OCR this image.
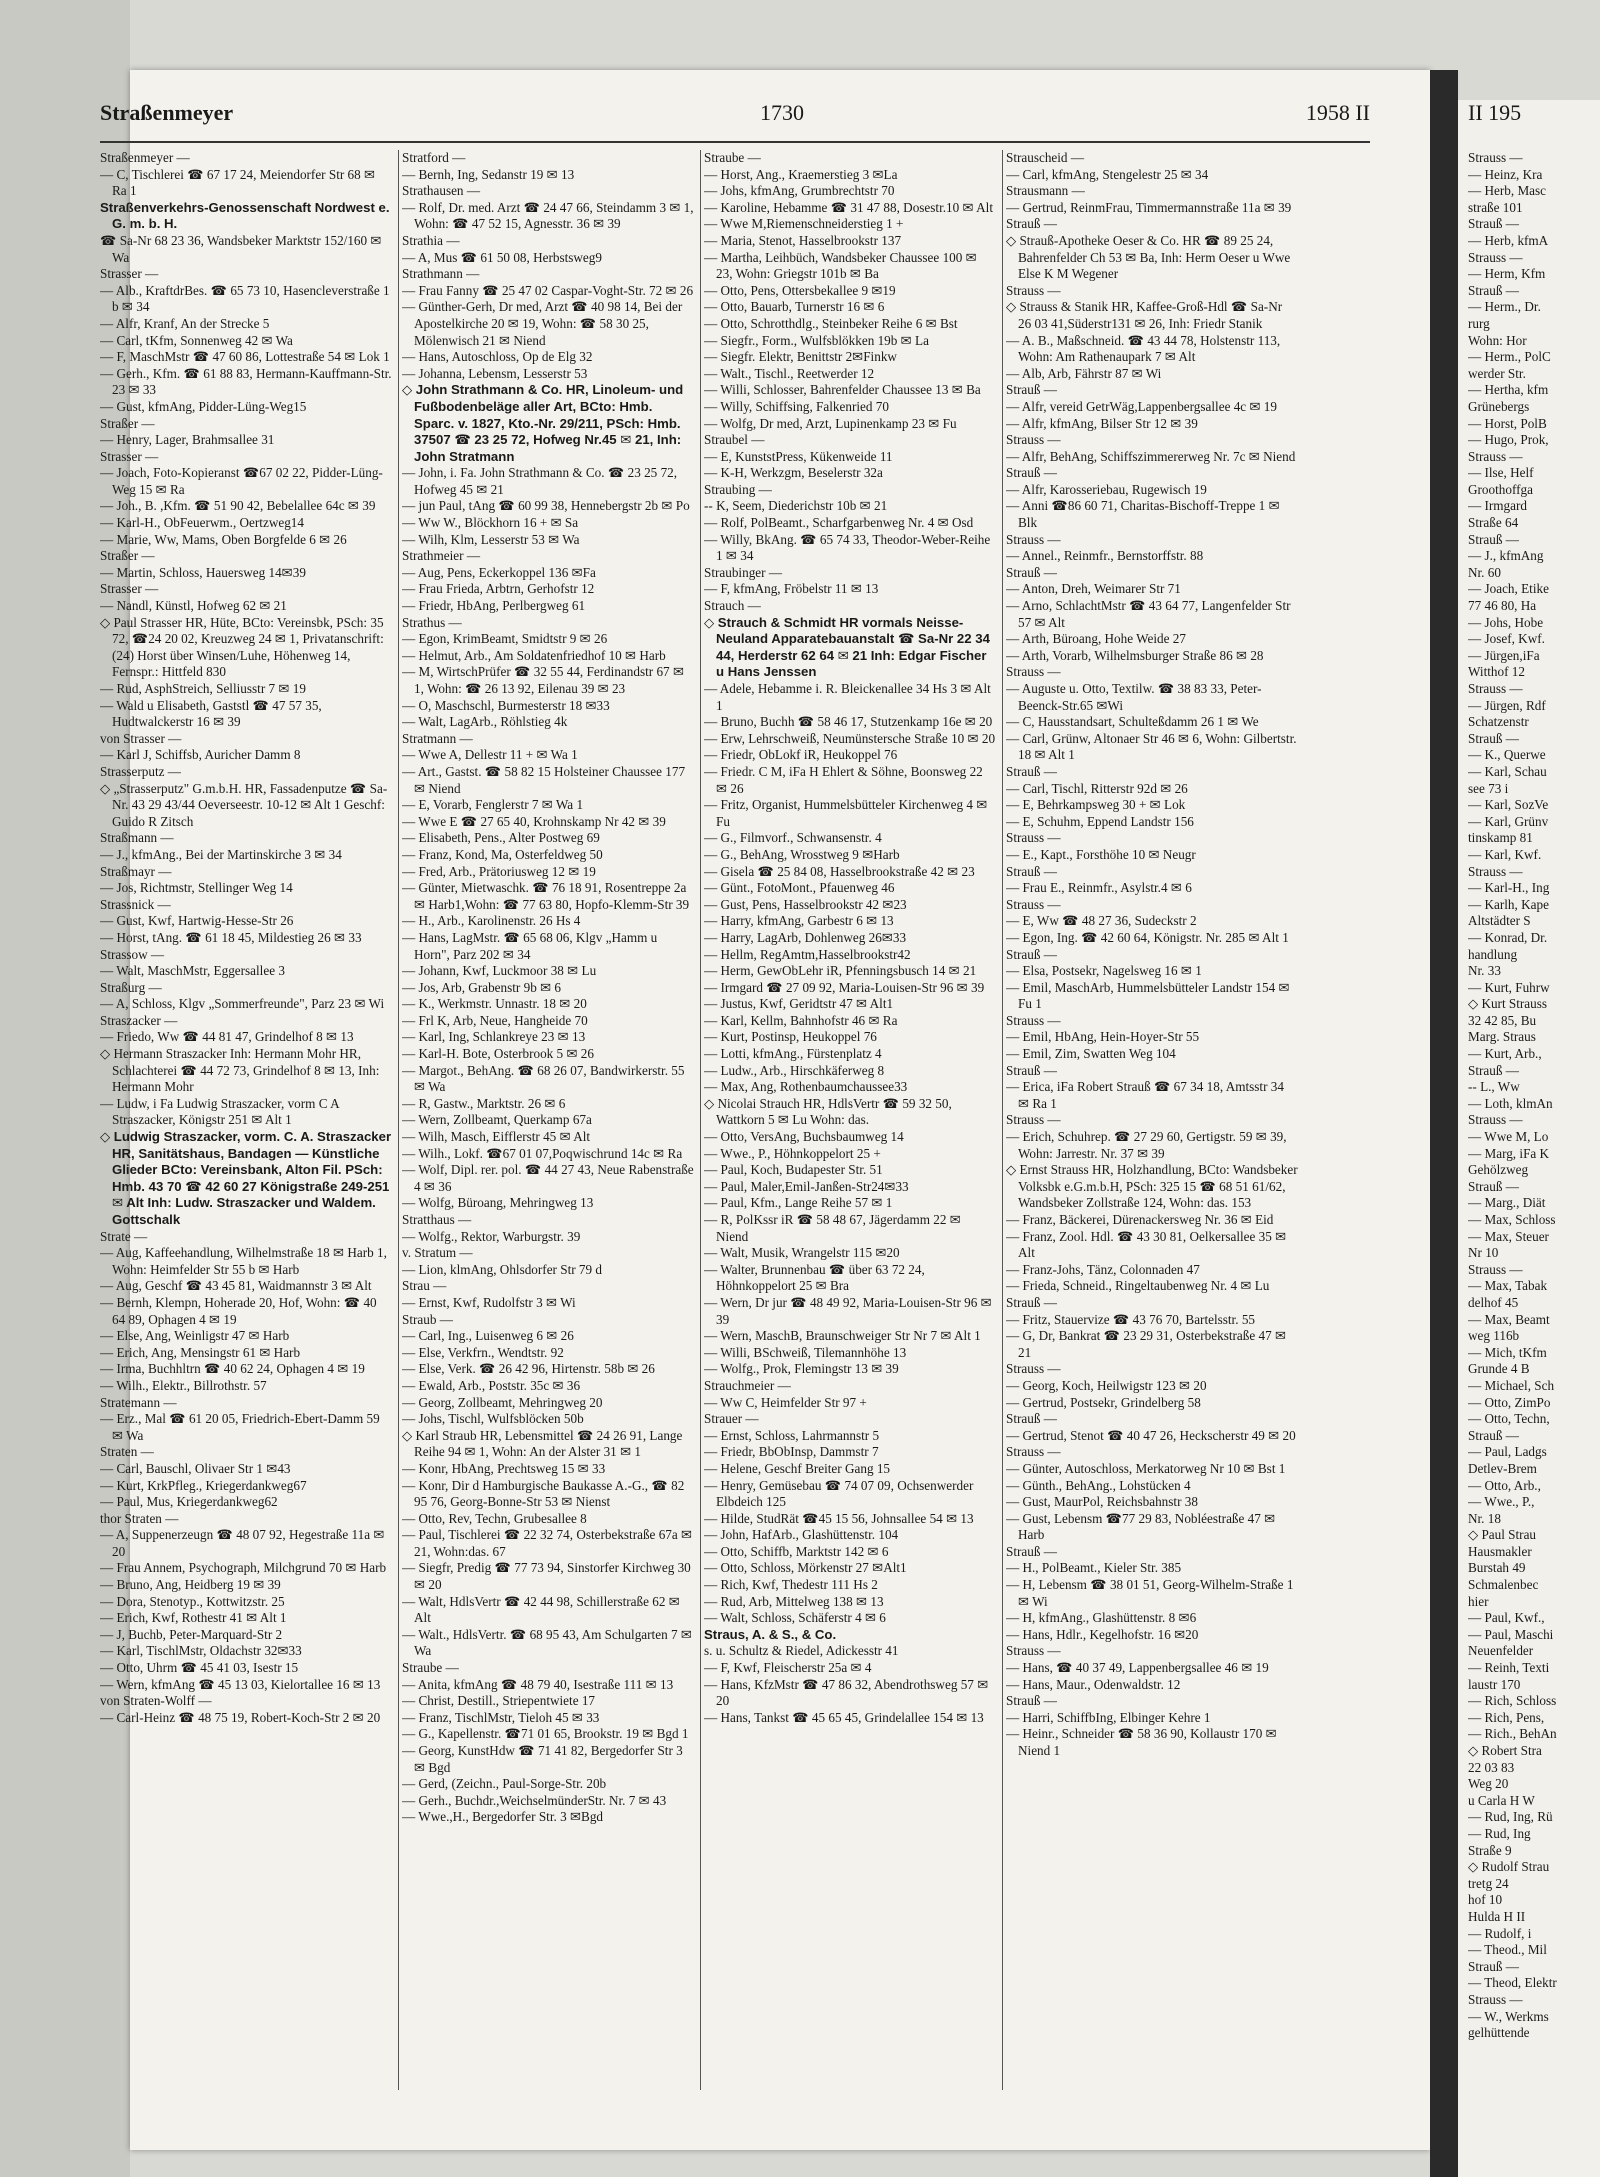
Straßenmeyer	1730	1958 II

Straßenmeyer —

— C, Tischlerei ☎ 67 17 24, Meiendorfer Str 68 ✉ Ra 1

Straßenverkehrs-Genossenschaft Nordwest e. G. m. b. H.

☎ Sa-Nr 68 23 36, Wandsbeker Marktstr 152/160 ✉ Wa

Strasser —

— Alb., KraftdrBes. ☎ 65 73 10, Hasencleverstraße 1 b ✉ 34

— Alfr, Kranf, An der Strecke 5

— Carl, tKfm, Sonnenweg 42 ✉ Wa

— F, MaschMstr ☎ 47 60 86, Lottestraße 54 ✉ Lok 1

— Gerh., Kfm. ☎ 61 88 83, Hermann-Kauffmann-Str. 23 ✉ 33

— Gust, kfmAng, Pidder-Lüng-Weg15

Straßer —

— Henry, Lager, Brahmsallee 31

Strasser —

— Joach, Foto-Kopieranst ☎67 02 22, Pidder-Lüng-Weg 15 ✉ Ra

— Joh., B. ,Kfm. ☎ 51 90 42, Bebelallee 64c ✉ 39

— Karl-H., ObFeuerwm., Oertzweg14

— Marie, Ww, Mams, Oben Borgfelde 6 ✉ 26

Straßer —

— Martin, Schloss, Hauersweg 14✉39

Strasser —

— Nandl, Künstl, Hofweg 62 ✉ 21

◇ Paul Strasser HR, Hüte, BCto: Vereinsbk, PSch: 35 72, ☎24 20 02, Kreuzweg 24 ✉ 1, Privatanschrift: (24) Horst über Winsen/Luhe, Höhenweg 14, Fernspr.: Hittfeld 830

— Rud, AsphStreich, Selliusstr 7 ✉ 19

— Wald u Elisabeth, Gaststl ☎ 47 57 35, Hudtwalckerstr 16 ✉ 39

von Strasser —

— Karl J, Schiffsb, Auricher Damm 8

Strasserputz —

◇ „Strasserputz" G.m.b.H. HR, Fassadenputze ☎ Sa-Nr. 43 29 43/44 Oeverseestr. 10-12 ✉ Alt 1 Geschf: Guido R Zitsch

Straßmann —

— J., kfmAng., Bei der Martinskirche 3 ✉ 34

Straßmayr —

— Jos, Richtmstr, Stellinger Weg 14

Strassnick —

— Gust, Kwf, Hartwig-Hesse-Str 26

— Horst, tAng. ☎ 61 18 45, Mildestieg 26 ✉ 33

Strassow —

— Walt, MaschMstr, Eggersallee 3

Straßurg —

— A, Schloss, Klgv „Sommerfreunde", Parz 23 ✉ Wi

Straszacker —

— Friedo, Ww ☎ 44 81 47, Grindelhof 8 ✉ 13

◇ Hermann Straszacker Inh: Hermann Mohr HR, Schlachterei ☎ 44 72 73, Grindelhof 8 ✉ 13, Inh: Hermann Mohr

— Ludw, i Fa Ludwig Straszacker, vorm C A Straszacker, Königstr 251 ✉ Alt 1

◇ Ludwig Straszacker, vorm. C. A. Straszacker HR, Sanitätshaus, Bandagen — Künstliche Glieder BCto: Vereinsbank, Alton Fil. PSch: Hmb. 43 70 ☎ 42 60 27 Königstraße 249-251 ✉ Alt Inh: Ludw. Straszacker und Waldem. Gottschalk

Strate —

— Aug, Kaffeehandlung, Wilhelmstraße 18 ✉ Harb 1, Wohn: Heimfelder Str 55 b ✉ Harb

— Aug, Geschf ☎ 43 45 81, Waidmannstr 3 ✉ Alt

— Bernh, Klempn, Hoherade 20, Hof, Wohn: ☎ 40 64 89, Ophagen 4 ✉ 19

— Else, Ang, Weinligstr 47 ✉ Harb

— Erich, Ang, Mensingstr 61 ✉ Harb

— Irma, Buchhltrn ☎ 40 62 24, Ophagen 4 ✉ 19

— Wilh., Elektr., Billrothstr. 57

Stratemann —

— Erz., Mal ☎ 61 20 05, Friedrich-Ebert-Damm 59 ✉ Wa

Straten —

— Carl, Bauschl, Olivaer Str 1 ✉43

— Kurt, KrkPfleg., Kriegerdankweg67

— Paul, Mus, Kriegerdankweg62

thor Straten —

— A, Suppenerzeugn ☎ 48 07 92, Hegestraße 11a ✉ 20

— Frau Annem, Psychograph, Milchgrund 70 ✉ Harb

— Bruno, Ang, Heidberg 19 ✉ 39

— Dora, Stenotyp., Kottwitzstr. 25

— Erich, Kwf, Rothestr 41 ✉ Alt 1

— J, Buchb, Peter-Marquard-Str 2

— Karl, TischlMstr, Oldachstr 32✉33

— Otto, Uhrm ☎ 45 41 03, Isestr 15

— Wern, kfmAng ☎ 45 13 03, Kielortallee 16 ✉ 13

von Straten-Wolff —

— Carl-Heinz ☎ 48 75 19, Robert-Koch-Str 2 ✉ 20

Stratford —

— Bernh, Ing, Sedanstr 19 ✉ 13

Strathausen —

— Rolf, Dr. med. Arzt ☎ 24 47 66, Steindamm 3 ✉ 1, Wohn: ☎ 47 52 15, Agnesstr. 36 ✉ 39

Strathia —

— A, Mus ☎ 61 50 08, Herbstsweg9

Strathmann —

— Frau Fanny ☎ 25 47 02 Caspar-Voght-Str. 72 ✉ 26

— Günther-Gerh, Dr med, Arzt ☎ 40 98 14, Bei der Apostelkirche 20 ✉ 19, Wohn: ☎ 58 30 25, Mölenwisch 21 ✉ Niend

— Hans, Autoschloss, Op de Elg 32

— Johanna, Lebensm, Lesserstr 53

◇ John Strathmann & Co. HR, Linoleum- und Fußbodenbeläge aller Art, BCto: Hmb. Sparc. v. 1827, Kto.-Nr. 29/211, PSch: Hmb. 37507 ☎ 23 25 72, Hofweg Nr.45 ✉ 21, Inh: John Stratmann

— John, i. Fa. John Strathmann & Co. ☎ 23 25 72, Hofweg 45 ✉ 21

— jun Paul, tAng ☎ 60 99 38, Hennebergstr 2b ✉ Po

— Ww W., Blöckhorn 16 + ✉ Sa

— Wilh, Klm, Lesserstr 53 ✉ Wa

Strathmeier —

— Aug, Pens, Eckerkoppel 136 ✉Fa

— Frau Frieda, Arbtrn, Gerhofstr 12

— Friedr, HbAng, Perlbergweg 61

Strathus —

— Egon, KrimBeamt, Smidtstr 9 ✉ 26

— Helmut, Arb., Am Soldatenfriedhof 10 ✉ Harb

— M, WirtschPrüfer ☎ 32 55 44, Ferdinandstr 67 ✉ 1, Wohn: ☎ 26 13 92, Eilenau 39 ✉ 23

— O, Maschschl, Burmesterstr 18 ✉33

— Walt, LagArb., Röhlstieg 4k

Stratmann —

— Wwe A, Dellestr 11 + ✉ Wa 1

— Art., Gastst. ☎ 58 82 15 Holsteiner Chaussee 177 ✉ Niend

— E, Vorarb, Fenglerstr 7 ✉ Wa 1

— Wwe E ☎ 27 65 40, Krohnskamp Nr 42 ✉ 39

— Elisabeth, Pens., Alter Postweg 69

— Franz, Kond, Ma, Osterfeldweg 50

— Fred, Arb., Prätoriusweg 12 ✉ 19

— Günter, Mietwaschk. ☎ 76 18 91, Rosentreppe 2a ✉ Harb1,Wohn: ☎ 77 63 80, Hopfo-Klemm-Str 39

— H., Arb., Karolinenstr. 26 Hs 4

— Hans, LagMstr. ☎ 65 68 06, Klgv „Hamm u Horn", Parz 202 ✉ 34

— Johann, Kwf, Luckmoor 38 ✉ Lu

— Jos, Arb, Grabenstr 9b ✉ 6

— K., Werkmstr. Unnastr. 18 ✉ 20

— Frl K, Arb, Neue, Hangheide 70

— Karl, Ing, Schlankreye 23 ✉ 13

— Karl-H. Bote, Osterbrook 5 ✉ 26

— Margot., BehAng. ☎ 68 26 07, Bandwirkerstr. 55 ✉ Wa

— R, Gastw., Marktstr. 26 ✉ 6

— Wern, Zollbeamt, Querkamp 67a

— Wilh, Masch, Eifflerstr 45 ✉ Alt

— Wilh., Lokf. ☎67 01 07,Poqwischrund 14c ✉ Ra

— Wolf, Dipl. rer. pol. ☎ 44 27 43, Neue Rabenstraße 4 ✉ 36

— Wolfg, Büroang, Mehringweg 13

Stratthaus —

— Wolfg., Rektor, Warburgstr. 39

v. Stratum —

— Lion, klmAng, Ohlsdorfer Str 79 d

Strau —

— Ernst, Kwf, Rudolfstr 3 ✉ Wi

Straub —

— Carl, Ing., Luisenweg 6 ✉ 26

— Else, Verkfrn., Wendtstr. 92

— Else, Verk. ☎ 26 42 96, Hirtenstr. 58b ✉ 26

— Ewald, Arb., Poststr. 35c ✉ 36

— Georg, Zollbeamt, Mehringweg 20

— Johs, Tischl, Wulfsblöcken 50b

◇ Karl Straub HR, Lebensmittel ☎ 24 26 91, Lange Reihe 94 ✉ 1, Wohn: An der Alster 31 ✉ 1

— Konr, HbAng, Prechtsweg 15 ✉ 33

— Konr, Dir d Hamburgische Baukasse A.-G., ☎ 82 95 76, Georg-Bonne-Str 53 ✉ Nienst

— Otto, Rev, Techn, Grubesallee 8

— Paul, Tischlerei ☎ 22 32 74, Osterbekstraße 67a ✉21, Wohn:das. 67

— Siegfr, Predig ☎ 77 73 94, Sinstorfer Kirchweg 30 ✉ 20

— Walt, HdlsVertr ☎ 42 44 98, Schillerstraße 62 ✉ Alt

— Walt., HdlsVertr. ☎ 68 95 43, Am Schulgarten 7 ✉ Wa

Straube —

— Anita, kfmAng ☎ 48 79 40, Isestraße 111 ✉ 13

— Christ, Destill., Striepentwiete 17

— Franz, TischlMstr, Tieloh 45 ✉ 33

— G., Kapellenstr. ☎71 01 65, Brookstr. 19 ✉ Bgd 1

— Georg, KunstHdw ☎ 71 41 82, Bergedorfer Str 3 ✉ Bgd

— Gerd, (Zeichn., Paul-Sorge-Str. 20b

— Gerh., Buchdr.,WeichselmünderStr. Nr. 7 ✉ 43

— Wwe.,H., Bergedorfer Str. 3 ✉Bgd

Straube —

— Horst, Ang., Kraemerstieg 3 ✉La

— Johs, kfmAng, Grumbrechtstr 70

— Karoline, Hebamme ☎ 31 47 88, Dosestr.10 ✉ Alt

— Wwe M,Riemenschneiderstieg 1 +

— Maria, Stenot, Hasselbrookstr 137

— Martha, Leihbüch, Wandsbeker Chaussee 100 ✉ 23, Wohn: Griegstr 101b ✉ Ba

— Otto, Pens, Ottersbekallee 9 ✉19

— Otto, Bauarb, Turnerstr 16 ✉ 6

— Otto, Schrotthdlg., Steinbeker Reihe 6 ✉ Bst

— Siegfr., Form., Wulfsblökken 19b ✉ La

— Siegfr. Elektr, Benittstr 2✉Finkw

— Walt., Tischl., Reetwerder 12

— Willi, Schlosser, Bahrenfelder Chaussee 13 ✉ Ba

— Willy, Schiffsing, Falkenried 70

— Wolfg, Dr med, Arzt, Lupinenkamp 23 ✉ Fu

Straubel —

— E, KunststPress, Kükenweide 11

— K-H, Werkzgm, Beselerstr 32a

Straubing —

-- K, Seem, Diederichstr 10b ✉ 21

— Rolf, PolBeamt., Scharfgarbenweg Nr. 4 ✉ Osd

— Willy, BkAng. ☎ 65 74 33, Theodor-Weber-Reihe 1 ✉ 34

Straubinger —

— F, kfmAng, Fröbelstr 11 ✉ 13

Strauch —

◇ Strauch & Schmidt HR vormals Neisse-Neuland Apparatebauanstalt ☎ Sa-Nr 22 34 44, Herderstr 62 64 ✉ 21 Inh: Edgar Fischer u Hans Jenssen

— Adele, Hebamme i. R. Bleickenallee 34 Hs 3 ✉ Alt 1

— Bruno, Buchh ☎ 58 46 17, Stutzenkamp 16e ✉ 20

— Erw, Lehrschweiß, Neumünstersche Straße 10 ✉ 20

— Friedr, ObLokf iR, Heukoppel 76

— Friedr. C M, iFa H Ehlert & Söhne, Boonsweg 22 ✉ 26

— Fritz, Organist, Hummelsbütteler Kirchenweg 4 ✉ Fu

— G., Filmvorf., Schwansenstr. 4

— G., BehAng, Wrosstweg 9 ✉Harb

— Gisela ☎ 25 84 08, Hasselbrookstraße 42 ✉ 23

— Günt., FotoMont., Pfauenweg 46

— Gust, Pens, Hasselbrookstr 42 ✉23

— Harry, kfmAng, Garbestr 6 ✉ 13

— Harry, LagArb, Dohlenweg 26✉33

— Hellm, RegAmtm,Hasselbrookstr42

— Herm, GewObLehr iR, Pfenningsbusch 14 ✉ 21

— Irmgard ☎ 27 09 92, Maria-Louisen-Str 96 ✉ 39

— Justus, Kwf, Geridtstr 47 ✉ Alt1

— Karl, Kellm, Bahnhofstr 46 ✉ Ra

— Kurt, Postinsp, Heukoppel 76

— Lotti, kfmAng., Fürstenplatz 4

— Ludw., Arb., Hirschkäferweg 8

— Max, Ang, Rothenbaumchaussee33

◇ Nicolai Strauch HR, HdlsVertr ☎ 59 32 50, Wattkorn 5 ✉ Lu Wohn: das.

— Otto, VersAng, Buchsbaumweg 14

— Wwe., P., Höhnkoppelort 25 +

— Paul, Koch, Budapester Str. 51

— Paul, Maler,Emil-Janßen-Str24✉33

— Paul, Kfm., Lange Reihe 57 ✉ 1

— R, PolKssr iR ☎ 58 48 67, Jägerdamm 22 ✉ Niend

— Walt, Musik, Wrangelstr 115 ✉20

— Walter, Brunnenbau ☎ über 63 72 24, Höhnkoppelort 25 ✉ Bra

— Wern, Dr jur ☎ 48 49 92, Maria-Louisen-Str 96 ✉ 39

— Wern, MaschB, Braunschweiger Str Nr 7 ✉ Alt 1

— Willi, BSchweiß, Tilemannhöhe 13

— Wolfg., Prok, Flemingstr 13 ✉ 39

Strauchmeier —

— Ww C, Heimfelder Str 97 +

Strauer —

— Ernst, Schloss, Lahrmannstr 5

— Friedr, BbObInsp, Dammstr 7

— Helene, Geschf Breiter Gang 15

— Henry, Gemüsebau ☎ 74 07 09, Ochsenwerder Elbdeich 125

— Hilde, StudRät ☎45 15 56, Johnsallee 54 ✉ 13

— John, HafArb., Glashüttenstr. 104

— Otto, Schiffb, Marktstr 142 ✉ 6

— Otto, Schloss, Mörkenstr 27 ✉Alt1

— Rich, Kwf, Thedestr 111 Hs 2

— Rud, Arb, Mittelweg 138 ✉ 13

— Walt, Schloss, Schäferstr 4 ✉ 6

Straus, A. & S., & Co.

s. u. Schultz & Riedel, Adickesstr 41

— F, Kwf, Fleischerstr 25a ✉ 4

— Hans, KfzMstr ☎ 47 86 32, Abendrothsweg 57 ✉ 20

— Hans, Tankst ☎ 45 65 45, Grindelallee 154 ✉ 13

Strauscheid —

— Carl, kfmAng, Stengelestr 25 ✉ 34

Strausmann —

— Gertrud, ReinmFrau, Timmermannstraße 11a ✉ 39

Strauß —

◇ Strauß-Apotheke Oeser & Co. HR ☎ 89 25 24, Bahrenfelder Ch 53 ✉ Ba, Inh: Herm Oeser u Wwe Else K M Wegener

Strauss —

◇ Strauss & Stanik HR, Kaffee-Groß-Hdl ☎ Sa-Nr 26 03 41,Süderstr131 ✉ 26, Inh: Friedr Stanik

— A. B., Maßschneid. ☎ 43 44 78, Holstenstr 113, Wohn: Am Rathenaupark 7 ✉ Alt

— Alb, Arb, Fährstr 87 ✉ Wi

Strauß —

— Alfr, vereid GetrWäg,Lappenbergsallee 4c ✉ 19

— Alfr, kfmAng, Bilser Str 12 ✉ 39

Strauss —

— Alfr, BehAng, Schiffszimmererweg Nr. 7c ✉ Niend

Strauß —

— Alfr, Karosseriebau, Rugewisch 19

— Anni ☎86 60 71, Charitas-Bischoff-Treppe 1 ✉ Blk

Strauss —

— Annel., Reinmfr., Bernstorffstr. 88

Strauß —

— Anton, Dreh, Weimarer Str 71

— Arno, SchlachtMstr ☎ 43 64 77, Langenfelder Str 57 ✉ Alt

— Arth, Büroang, Hohe Weide 27

— Arth, Vorarb, Wilhelmsburger Straße 86 ✉ 28

Strauss —

— Auguste u. Otto, Textilw. ☎ 38 83 33, Peter-Beenck-Str.65 ✉Wi

— C, Hausstandsart, Schulteßdamm 26 1 ✉ We

— Carl, Grünw, Altonaer Str 46 ✉ 6, Wohn: Gilbertstr. 18 ✉ Alt 1

Strauß —

— Carl, Tischl, Ritterstr 92d ✉ 26

— E, Behrkampsweg 30 + ✉ Lok

— E, Schuhm, Eppend Landstr 156

Strauss —

— E., Kapt., Forsthöhe 10 ✉ Neugr

Strauß —

— Frau E., Reinmfr., Asylstr.4 ✉ 6

Strauss —

— E, Ww ☎ 48 27 36, Sudeckstr 2

— Egon, Ing. ☎ 42 60 64, Königstr. Nr. 285 ✉ Alt 1

Strauß —

— Elsa, Postsekr, Nagelsweg 16 ✉ 1

— Emil, MaschArb, Hummelsbütteler Landstr 154 ✉ Fu 1

Strauss —

— Emil, HbAng, Hein-Hoyer-Str 55

— Emil, Zim, Swatten Weg 104

Strauß —

— Erica, iFa Robert Strauß ☎ 67 34 18, Amtsstr 34 ✉ Ra 1

Strauss —

— Erich, Schuhrep. ☎ 27 29 60, Gertigstr. 59 ✉ 39, Wohn: Jarrestr. Nr. 37 ✉ 39

◇ Ernst Strauss HR, Holzhandlung, BCto: Wandsbeker Volksbk e.G.m.b.H, PSch: 325 15 ☎ 68 51 61/62, Wandsbeker Zollstraße 124, Wohn: das. 153

— Franz, Bäckerei, Dürenackersweg Nr. 36 ✉ Eid

— Franz, Zool. Hdl. ☎ 43 30 81, Oelkersallee 35 ✉ Alt

— Franz-Johs, Tänz, Colonnaden 47

— Frieda, Schneid., Ringeltaubenweg Nr. 4 ✉ Lu

Strauß —

— Fritz, Stauervize ☎ 43 76 70, Bartelsstr. 55

— G, Dr, Bankrat ☎ 23 29 31, Osterbekstraße 47 ✉ 21

Strauss —

— Georg, Koch, Heilwigstr 123 ✉ 20

— Gertrud, Postsekr, Grindelberg 58

Strauß —

— Gertrud, Stenot ☎ 40 47 26, Heckscherstr 49 ✉ 20

Strauss —

— Günter, Autoschloss, Merkatorweg Nr 10 ✉ Bst 1

— Günth., BehAng., Lohstücken 4

— Gust, MaurPol, Reichsbahnstr 38

— Gust, Lebensm ☎77 29 83, Nobléestraße 47 ✉ Harb

Strauß —

— H., PolBeamt., Kieler Str. 385

— H, Lebensm ☎ 38 01 51, Georg-Wilhelm-Straße 1 ✉ Wi

— H, kfmAng., Glashüttenstr. 8 ✉6

— Hans, Hdlr., Kegelhofstr. 16 ✉20

Strauss —

— Hans, ☎ 40 37 49, Lappenbergsallee 46 ✉ 19

— Hans, Maur., Odenwaldstr. 12

Strauß —

— Harri, SchiffbIng, Elbinger Kehre 1

— Heinr., Schneider ☎ 58 36 90, Kollaustr 170 ✉ Niend 1

II 195

Strauss —

— Heinz, Kra

— Herb, Masc

straße 101

Strauß —

— Herb, kfmA

Strauss —

— Herm, Kfm

Strauß —

— Herm., Dr.

rurg

Wohn: Hor

— Herm., PolC

werder Str.

— Hertha, kfm

Grünebergs

— Horst, PolB

— Hugo, Prok,

Strauss —

— Ilse, Helf

Groothoffga

— Irmgard

Straße 64

Strauß —

— J., kfmAng

Nr. 60

— Joach, Etike

77 46 80, Ha

— Johs, Hobe

— Josef, Kwf.

— Jürgen,iFa

Witthof 12

Strauss —

— Jürgen, Rdf

Schatzenstr

Strauß —

— K., Querwe

— Karl, Schau

see 73 i

— Karl, SozVe

— Karl, Grünv

tinskamp 81

— Karl, Kwf.

Strauss —

— Karl-H., Ing

— Karlh, Kape

Altstädter S

— Konrad, Dr.

handlung

Nr. 33

— Kurt, Fuhrw

◇ Kurt Strauss

32 42 85, Bu

Marg. Straus

— Kurt, Arb.,

Strauß —

-- L., Ww

— Loth, klmAn

Strauss —

— Wwe M, Lo

— Marg, iFa K

Gehölzweg

Strauß —

— Marg., Diät

— Max, Schloss

— Max, Steuer

Nr 10

Strauss —

— Max, Tabak

delhof 45

— Max, Beamt

weg 116b

— Mich, tKfm

Grunde 4 B

— Michael, Sch

— Otto, ZimPo

— Otto, Techn,

Strauß —

— Paul, Ladgs

Detlev-Brem

— Otto, Arb.,

— Wwe., P.,

Nr. 18

◇ Paul Strau

Hausmakler

Burstah 49

Schmalenbec

hier

— Paul, Kwf.,

— Paul, Maschi

Neuenfelder

— Reinh, Texti

laustr 170

— Rich, Schloss

— Rich, Pens,

— Rich., BehAn

◇ Robert Stra

22 03 83

Weg 20

u Carla H W

— Rud, Ing, Rü

— Rud, Ing

Straße 9

◇ Rudolf Strau

tretg 24

hof 10

Hulda H II

— Rudolf, i

— Theod., Mil

Strauß —

— Theod, Elektr

Strauss —

— W., Werkms

gelhüttende
